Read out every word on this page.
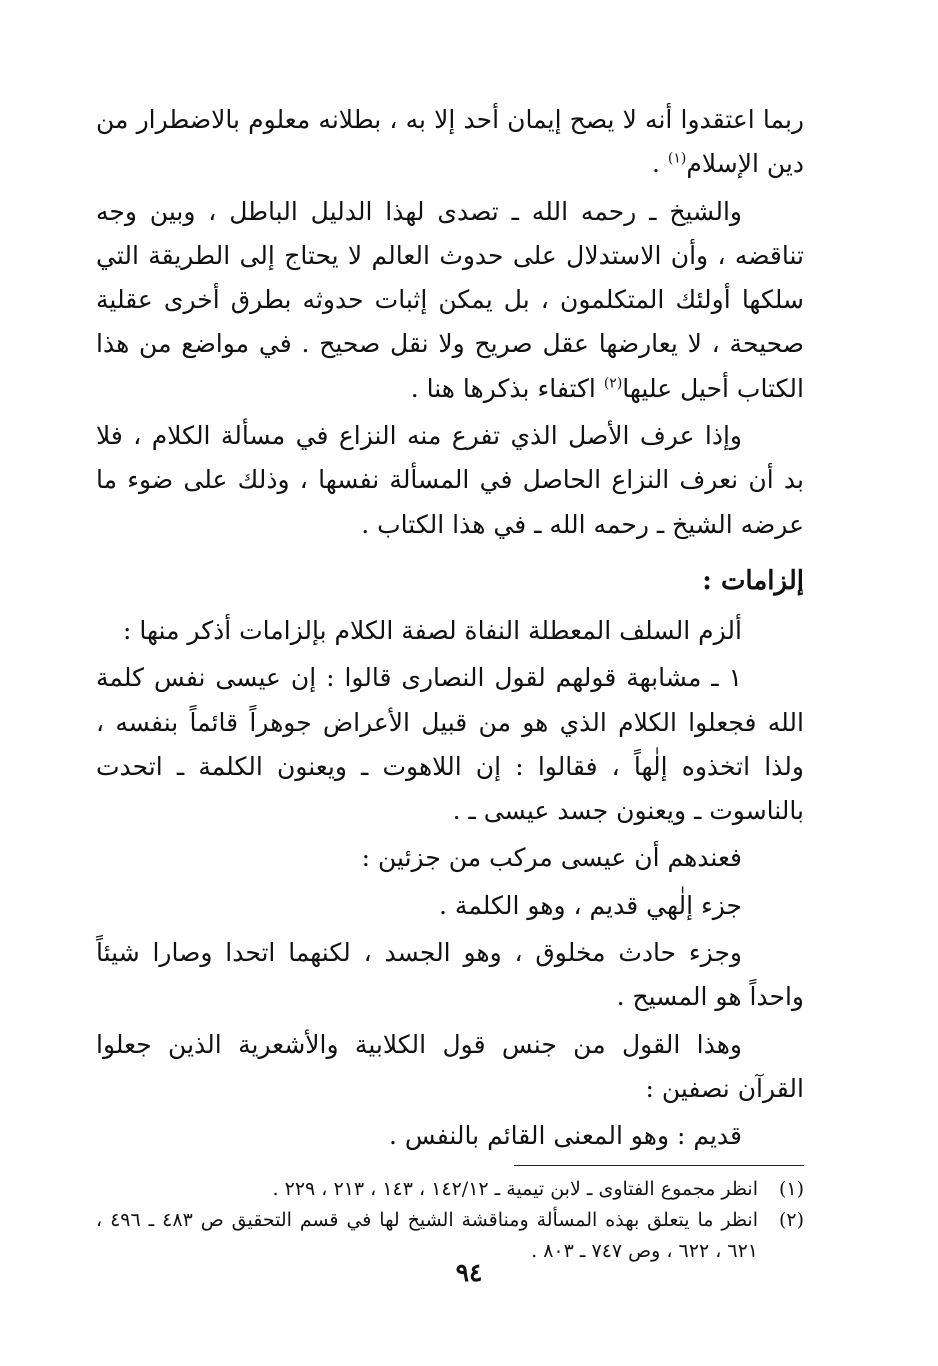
ربما اعتقدوا أنه لا يصح إيمان أحد إلا به ، بطلانه معلوم بالاضطرار من دين الإسلام$^{(١)}$ .

والشيخ ـ رحمه الله ـ تصدى لهذا الدليل الباطل ، وبين وجه تناقضه ، وأن الاستدلال على حدوث العالم لا يحتاج إلى الطريقة التي سلكها أولئك المتكلمون ، بل يمكن إثبات حدوثه بطرق أخرى عقلية صحيحة ، لا يعارضها عقل صريح ولا نقل صحيح . في مواضع من هذا الكتاب أحيل عليها$^{(٢)}$ اكتفاء بذكرها هنا .

وإذا عرف الأصل الذي تفرع منه النزاع في مسألة الكلام ، فلا بد أن نعرف النزاع الحاصل في المسألة نفسها ، وذلك على ضوء ما عرضه الشيخ ـ رحمه الله ـ في هذا الكتاب .

إلزامات :

ألزم السلف المعطلة النفاة لصفة الكلام بإلزامات أذكر منها :

١ ـ مشابهة قولهم لقول النصارى قالوا : إن عيسى نفس كلمة الله فجعلوا الكلام الذي هو من قبيل الأعراض جوهراً قائماً بنفسه ، ولذا اتخذوه إلٰهاً ، فقالوا : إن اللاهوت ـ ويعنون الكلمة ـ اتحدت بالناسوت ـ ويعنون جسد عيسى ـ .

فعندهم أن عيسى مركب من جزئين :

جزء إلٰهي قديم ، وهو الكلمة .

وجزء حادث مخلوق ، وهو الجسد ، لكنهما اتحدا وصارا شيئاً واحداً هو المسيح .

وهذا القول من جنس قول الكلابية والأشعرية الذين جعلوا القرآن نصفين :

قديم : وهو المعنى القائم بالنفس .

(١)
انظر مجموع الفتاوى ـ لابن تيمية ـ ١٤٢/١٢ ، ١٤٣ ، ٢١٣ ، ٢٢٩ .
(٢)
انظر ما يتعلق بهذه المسألة ومناقشة الشيخ لها في قسم التحقيق ص ٤٨٣ ـ ٤٩٦ ، ٦٢١ ، ٦٢٢ ، وص ٧٤٧ ـ ٨٠٣ .
٩٤
